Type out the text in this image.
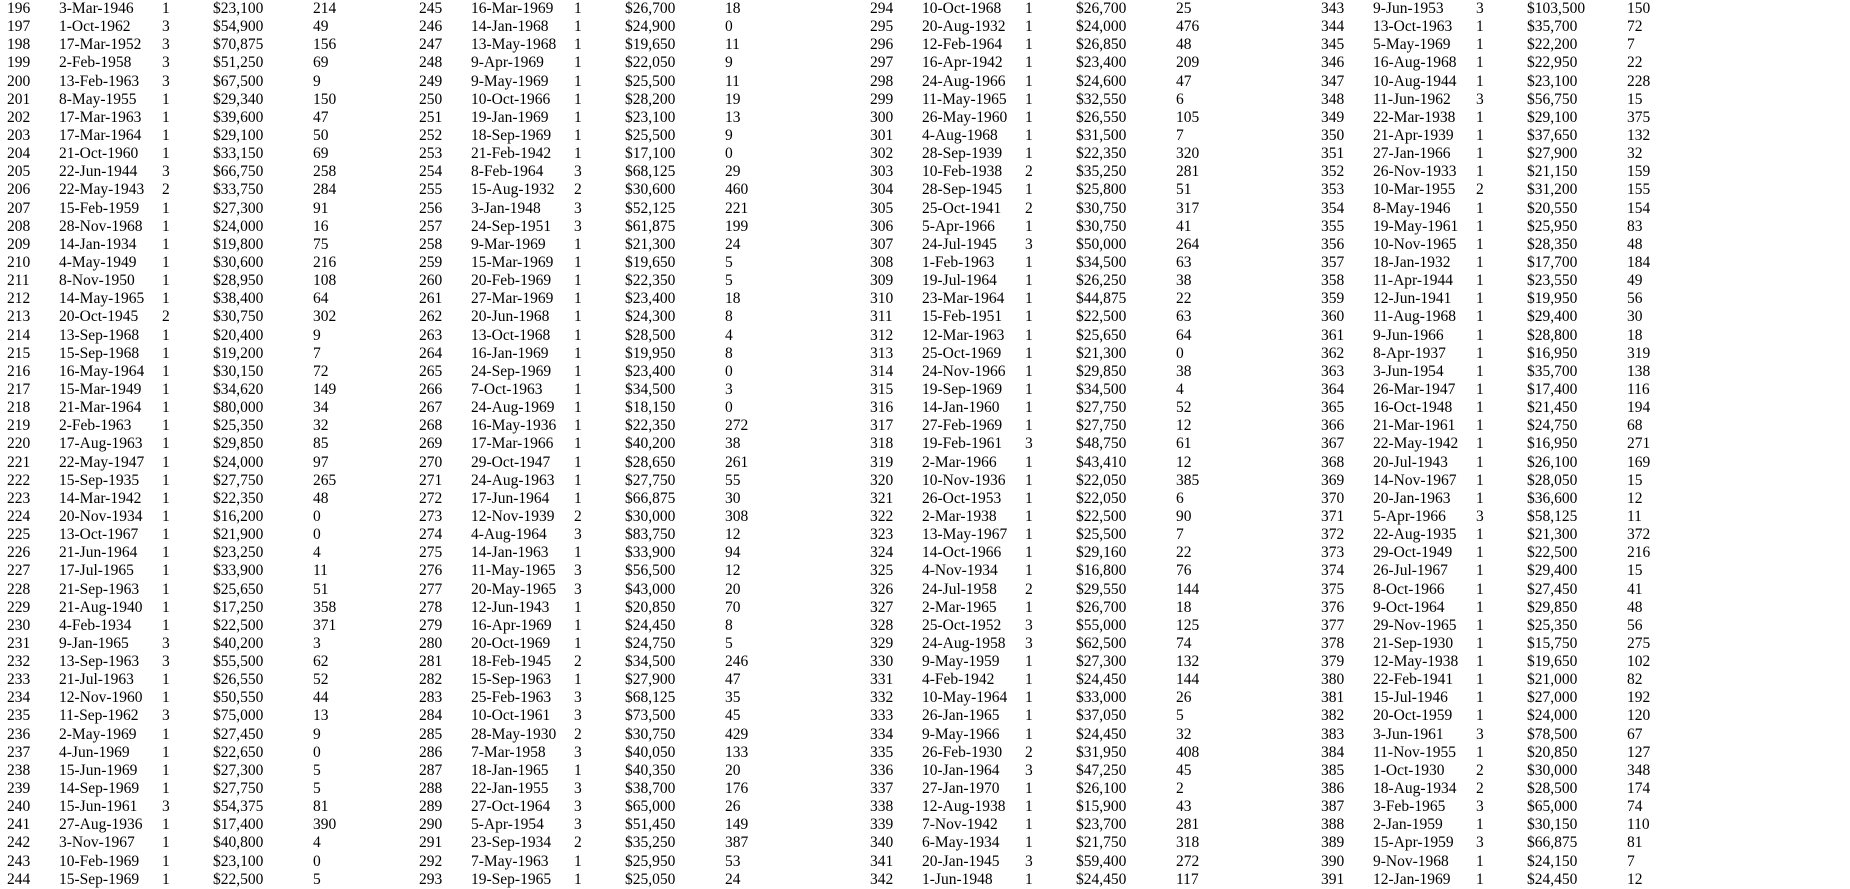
196 3-Mar-1946 1	$23,100	214
197 1-Oct-1962 3	$54,900	49
198 17-Mar-1952 3	$70,875	156
199 2-Feb-1958 3	$51,250	69
200 13-Feb-1963 3	$67,500	9
201 8-May-1955 1	$29,340	150
202 17-Mar-1963 1	$39,600	47
203 17-Mar-1964 1	$29,100	50
204 21-Oct-1960 1	$33,150	69
205 22-Jun-1944 3	$66,750	258
206 22-May-1943 2	$33,750	284
207 15-Feb-1959 1	$27,300	91
208 28-Nov-1968 1	$24,000	16
209 14-Jan-1934 1	$19,800	75
210 4-May-1949 1	$30,600	216
211 8-Nov-1950 1	$28,950	108
212 14-May-1965 1	$38,400	64
213 20-Oct-1945 2	$30,750	302
214 13-Sep-1968 1	$20,400	9
215 15-Sep-1968 1	$19,200	7
216 16-May-1964 1	$30,150	72
217 15-Mar-1949 1	$34,620	149
218 21-Mar-1964 1	$80,000	34
219 2-Feb-1963 1	$25,350	32
220 17-Aug-1963 1	$29,850	85
221 22-May-1947 1	$24,000	97
222 15-Sep-1935 1	$27,750	265
223 14-Mar-1942 1	$22,350	48
224 20-Nov-1934 1	$16,200	0
225 13-Oct-1967 1	$21,900	0
226 21-Jun-1964 1	$23,250	4
227 17-Jul-1965 1	$33,900	11
228 21-Sep-1963 1	$25,650	51
229 21-Aug-1940 1	$17,250	358
230 4-Feb-1934 1	$22,500	371
231 9-Jan-1965 3	$40,200	3
232 13-Sep-1963 3	$55,500	62
233 21-Jul-1963 1	$26,550	52
234 12-Nov-1960 1	$50,550	44
235 11-Sep-1962 3	$75,000	13
236 2-May-1969 1	$27,450	9
237 4-Jun-1969 1	$22,650	0
238 15-Jun-1969 1	$27,300	5
239 14-Sep-1969 1	$27,750	5
240 15-Jun-1961 3	$54,375	81
241 27-Aug-1936 1	$17,400	390
242 3-Nov-1967 1	$40,800	4
243 10-Feb-1969 1	$23,100	0
244 15-Sep-1969 1	$22,500	5
245 16-Mar-1969 1	$26,700	18
246 14-Jan-1968 1	$24,900	0
247 13-May-1968 1	$19,650	11
248 9-Apr-1969 1	$22,050	9
249 9-May-1969 1	$25,500	11
250 10-Oct-1966 1	$28,200	19
251 19-Jan-1969 1	$23,100	13
252 18-Sep-1969 1	$25,500	9
253 21-Feb-1942 1	$17,100	0
254 8-Feb-1964 3	$68,125	29
255 15-Aug-1932 2	$30,600	460
256 3-Jan-1948 3	$52,125	221
257 24-Sep-1951 3	$61,875	199
258 9-Mar-1969 1	$21,300	24
259 15-Mar-1969 1	$19,650	5
260 20-Feb-1969 1	$22,350	5
261 27-Mar-1969 1	$23,400	18
262 20-Jun-1968 1	$24,300	8
263 13-Oct-1968 1	$28,500	4
264 16-Jan-1969 1	$19,950	8
265 24-Sep-1969 1	$23,400	0
266 7-Oct-1963 1	$34,500	3
267 24-Aug-1969 1	$18,150	0
268 16-May-1936 1	$22,350	272
269 17-Mar-1966 1	$40,200	38
270 29-Oct-1947 1	$28,650	261
271 24-Aug-1963 1	$27,750	55
272 17-Jun-1964 1	$66,875	30
273 12-Nov-1939 2	$30,000	308
274 4-Aug-1964 3	$83,750	12
275 14-Jan-1963 1	$33,900	94
276 11-May-1965 3	$56,500	12
277 20-May-1965 3	$43,000	20
278 12-Jun-1943 1	$20,850	70
279 16-Apr-1969 1	$24,450	8
280 20-Oct-1969 1	$24,750	5
281 18-Feb-1945 2	$34,500	246
282 15-Sep-1963 1	$27,900	47
283 25-Feb-1963 3	$68,125	35
284 10-Oct-1961 3	$73,500	45
285 28-May-1930 2	$30,750	429
286 7-Mar-1958 3	$40,050	133
287 18-Jan-1965 1	$40,350	20
288 22-Jan-1955 3	$38,700	176
289 27-Oct-1964 3	$65,000	26
290 5-Apr-1954 3	$51,450	149
291 23-Sep-1934 2	$35,250	387
292 7-May-1963 1	$25,950	53
293 19-Sep-1965 1	$25,050	24
294 10-Oct-1968 1	$26,700	25
295 20-Aug-1932 1	$24,000	476
296 12-Feb-1964 1	$26,850	48
297 16-Apr-1942 1	$23,400	209
298 24-Aug-1966 1	$24,600	47
299 11-May-1965 1	$32,550	6
300 26-May-1960 1	$26,550	105
301 4-Aug-1968 1	$31,500	7
302 28-Sep-1939 1	$22,350	320
303 10-Feb-1938 2	$35,250	281
304 28-Sep-1945 1	$25,800	51
305 25-Oct-1941 2	$30,750	317
306 5-Apr-1966 1	$30,750	41
307 24-Jul-1945 3	$50,000	264
308 1-Feb-1963 1	$34,500	63
309 19-Jul-1964 1	$26,250	38
310 23-Mar-1964 1	$44,875	22
311 15-Feb-1951 1	$22,500	63
312 12-Mar-1963 1	$25,650	64
313 25-Oct-1969 1	$21,300	0
314 24-Nov-1966 1	$29,850	38
315 19-Sep-1969 1	$34,500	4
316 14-Jan-1960 1	$27,750	52
317 27-Feb-1969 1	$27,750	12
318 19-Feb-1961 3	$48,750	61
319 2-Mar-1966 1	$43,410	12
320 10-Nov-1936 1	$22,050	385
321 26-Oct-1953 1	$22,050	6
322 2-Mar-1938 1	$22,500	90
323 13-May-1967 1	$25,500	7
324 14-Oct-1966 1	$29,160	22
325 4-Nov-1934 1	$16,800	76
326 24-Jul-1958 2	$29,550	144
327 2-Mar-1965 1	$26,700	18
328 25-Oct-1952 3	$55,000	125
329 24-Aug-1958 3	$62,500	74
330 9-May-1959 1	$27,300	132
331 4-Feb-1942 1	$24,450	144
332 10-May-1964 1	$33,000	26
333 26-Jan-1965 1	$37,050	5
334 9-May-1966 1	$24,450	32
335 26-Feb-1930 2	$31,950	408
336 10-Jan-1964 3	$47,250	45
337 27-Jan-1970 1	$26,100	2
338 12-Aug-1938 1	$15,900	43
339 7-Nov-1942 1	$23,700	281
340 6-May-1934 1	$21,750	318
341 20-Jan-1945 3	$59,400	272
342 1-Jun-1948 1	$24,450	117
343 9-Jun-1953 3	$103,500	150
344 13-Oct-1963 1	$35,700	72
345 5-May-1969 1	$22,200	7
346 16-Aug-1968 1	$22,950	22
347 10-Aug-1944 1	$23,100	228
348 11-Jun-1962 3	$56,750	15
349 22-Mar-1938 1	$29,100	375
350 21-Apr-1939 1	$37,650	132
351 27-Jan-1966 1	$27,900	32
352 26-Nov-1933 1	$21,150	159
353 10-Mar-1955 2	$31,200	155
354 8-May-1946 1	$20,550	154
355 19-May-1961 1	$25,950	83
356 10-Nov-1965 1	$28,350	48
357 18-Jan-1932 1	$17,700	184
358 11-Apr-1944 1	$23,550	49
359 12-Jun-1941 1	$19,950	56
360 11-Aug-1968 1	$29,400	30
361 9-Jun-1966 1	$28,800	18
362 8-Apr-1937 1	$16,950	319
363 3-Jun-1954 1	$35,700	138
364 26-Mar-1947 1	$17,400	116
365 16-Oct-1948 1	$21,450	194
366 21-Mar-1961 1	$24,750	68
367 22-May-1942 1	$16,950	271
368 20-Jul-1943 1	$26,100	169
369 14-Nov-1967 1	$28,050	15
370 20-Jan-1963 1	$36,600	12
371 5-Apr-1966 3	$58,125	11
372 22-Aug-1935 1	$21,300	372
373 29-Oct-1949 1	$22,500	216
374 26-Jul-1967 1	$29,400	15
375 8-Oct-1966 1	$27,450	41
376 9-Oct-1964 1	$29,850	48
377 29-Nov-1965 1	$25,350	56
378 21-Sep-1930 1	$15,750	275
379 12-May-1938 1	$19,650	102
380 22-Feb-1941 1	$21,000	82
381 15-Jul-1946 1	$27,000	192
382 20-Oct-1959 1	$24,000	120
383 3-Jun-1961 3	$78,500	67
384 11-Nov-1955 1	$20,850	127
385 1-Oct-1930 2	$30,000	348
386 18-Aug-1934 2	$28,500	174
387 3-Feb-1965 3	$65,000	74
388 2-Jan-1959 1	$30,150	110
389 15-Apr-1959 3	$66,875	81
390 9-Nov-1968 1	$24,150	7
391 12-Jan-1969 1	$24,450	12
